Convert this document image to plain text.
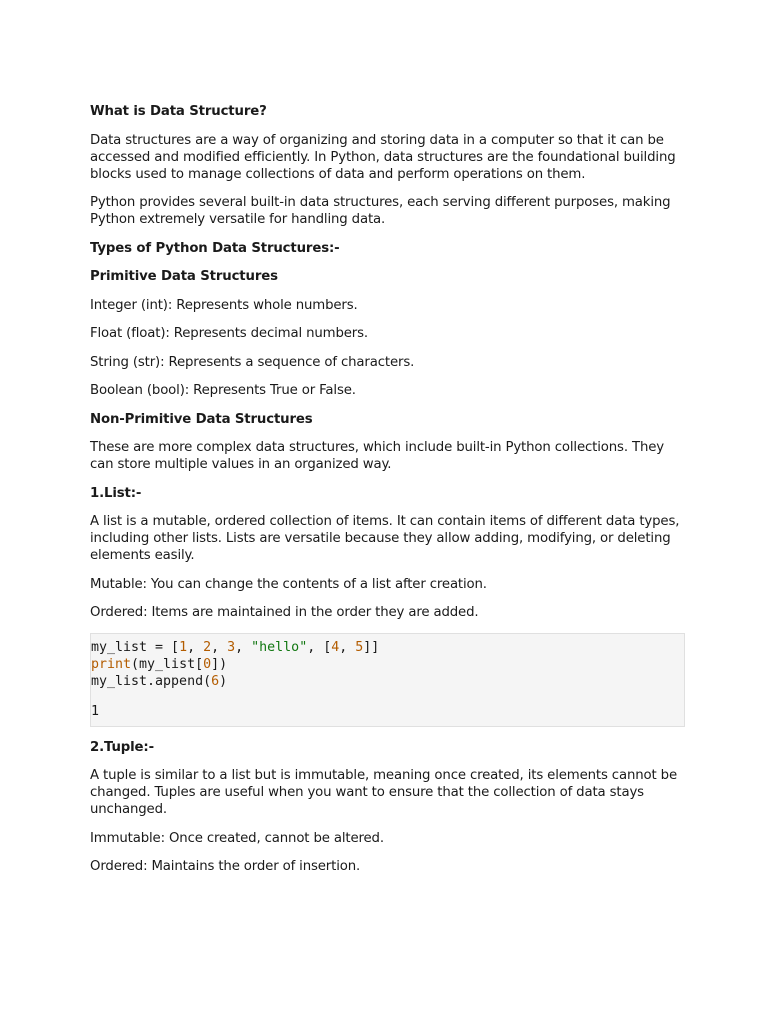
What is Data Structure?

Data structures are a way of organizing and storing data in a computer so that it can be accessed and modified efficiently. In Python, data structures are the foundational building blocks used to manage collections of data and perform operations on them.

Python provides several built-in data structures, each serving different purposes, making Python extremely versatile for handling data.

Types of Python Data Structures:-

Primitive Data Structures

Integer (int): Represents whole numbers.

Float (float): Represents decimal numbers.

String (str): Represents a sequence of characters.

Boolean (bool): Represents True or False.

Non-Primitive Data Structures

These are more complex data structures, which include built-in Python collections. They can store multiple values in an organized way.

1.List:-

A list is a mutable, ordered collection of items. It can contain items of different data types, including other lists. Lists are versatile because they allow adding, modifying, or deleting elements easily.

Mutable: You can change the contents of a list after creation.

Ordered: Items are maintained in the order they are added.

my_list = [1, 2, 3, "hello", [4, 5]]
print(my_list[0])
my_list.append(6)
1

2.Tuple:-

A tuple is similar to a list but is immutable, meaning once created, its elements cannot be changed. Tuples are useful when you want to ensure that the collection of data stays unchanged.

Immutable: Once created, cannot be altered.

Ordered: Maintains the order of insertion.
